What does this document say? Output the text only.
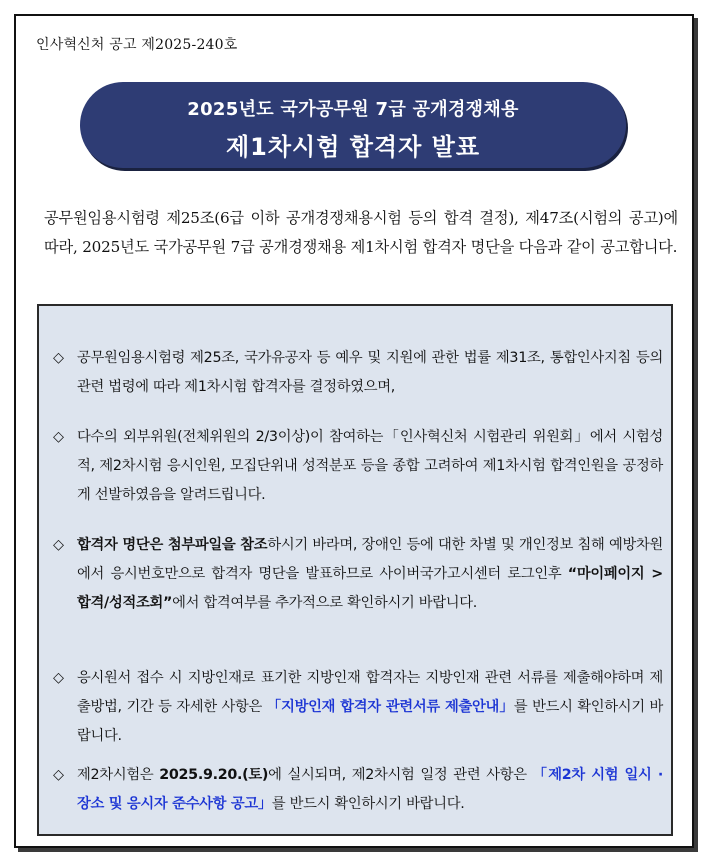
인사혁신처 공고 제2025-240호
2025년도 국가공무원 7급 공개경쟁채용
제1차시험 합격자 발표
공무원임용시험령 제25조(6급 이하 공개경쟁채용시험 등의 합격 결정), 제47조(시험의 공고)에 따라, 2025년도 국가공무원 7급 공개경쟁채용 제1차시험 합격자 명단을 다음과 같이 공고합니다.
◇ 공무원임용시험령 제25조, 국가유공자 등 예우 및 지원에 관한 법률 제31조, 통합인사지침 등의 관련 법령에 따라 제1차시험 합격자를 결정하였으며,
◇ 다수의 외부위원(전체위원의 2/3이상)이 참여하는「인사혁신처 시험관리 위원회」에서 시험성적, 제2차시험 응시인원, 모집단위내 성적분포 등을 종합 고려하여 제1차시험 합격인원을 공정하게 선발하였음을 알려드립니다.
◇ 합격자 명단은 첨부파일을 참조하시기 바라며, 장애인 등에 대한 차별 및 개인정보 침해 예방차원에서 응시번호만으로 합격자 명단을 발표하므로 사이버국가고시센터 로그인후 “마이페이지 > 합격/성적조회”에서 합격여부를 추가적으로 확인하시기 바랍니다.
◇ 응시원서 접수 시 지방인재로 표기한 지방인재 합격자는 지방인재 관련 서류를 제출해야하며 제출방법, 기간 등 자세한 사항은 「지방인재 합격자 관련서류 제출안내」를 반드시 확인하시기 바랍니다.
◇ 제2차시험은 2025.9.20.(토)에 실시되며, 제2차시험 일정 관련 사항은 「제2차 시험 일시 · 장소 및 응시자 준수사항 공고」를 반드시 확인하시기 바랍니다.
